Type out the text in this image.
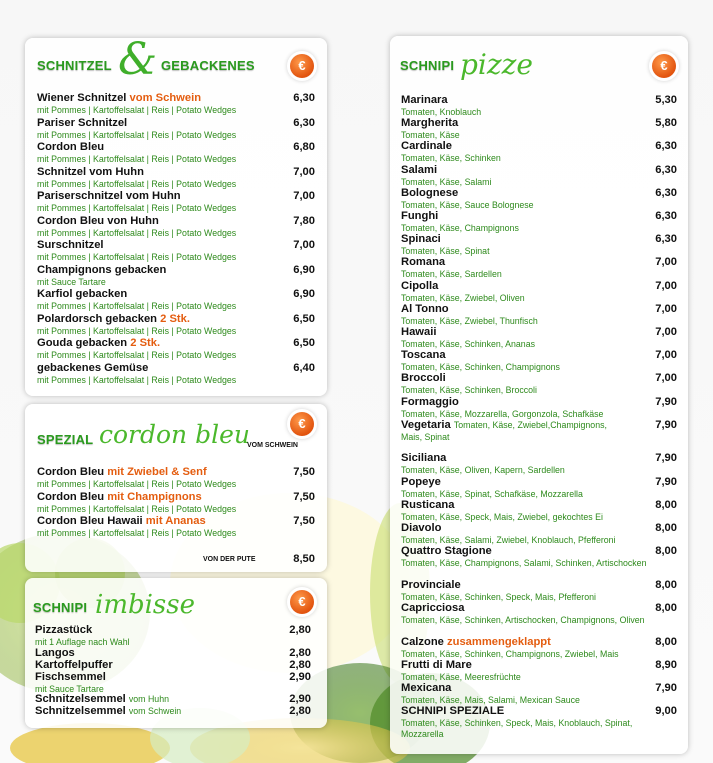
SCHNITZEL & GEBACKENES	€
Wiener Schnitzel vom Schwein	6,30
mit Pommes | Kartoffelsalat | Reis | Potato Wedges
Pariser Schnitzel	6,30
mit Pommes | Kartoffelsalat | Reis | Potato Wedges
Cordon Bleu	6,80
mit Pommes | Kartoffelsalat | Reis | Potato Wedges
Schnitzel vom Huhn	7,00
mit Pommes | Kartoffelsalat | Reis | Potato Wedges
Pariserschnitzel vom Huhn	7,00
mit Pommes | Kartoffelsalat | Reis | Potato Wedges
Cordon Bleu von Huhn	7,80
mit Pommes | Kartoffelsalat | Reis | Potato Wedges
Surschnitzel	7,00
mit Pommes | Kartoffelsalat | Reis | Potato Wedges
Champignons gebacken	6,90
mit Sauce Tartare
Karfiol gebacken	6,90
mit Pommes | Kartoffelsalat | Reis | Potato Wedges
Polardorsch gebacken 2 Stk.	6,50
mit Pommes | Kartoffelsalat | Reis | Potato Wedges
Gouda gebacken 2 Stk.	6,50
mit Pommes | Kartoffelsalat | Reis | Potato Wedges
gebackenes Gemüse	6,40
mit Pommes | Kartoffelsalat | Reis | Potato Wedges
SPEZIAL cordon bleu
VOM SCHWEIN
€
Cordon Bleu mit Zwiebel & Senf	7,50
mit Pommes | Kartoffelsalat | Reis | Potato Wedges
Cordon Bleu mit Champignons	7,50
mit Pommes | Kartoffelsalat | Reis | Potato Wedges
Cordon Bleu Hawaii mit Ananas	7,50
mit Pommes | Kartoffelsalat | Reis | Potato Wedges
VON DER PUTE	8,50
SCHNIPI imbisse	€
Pizzastück	2,80
mit 1 Auflage nach Wahl
Langos	2,80
Kartoffelpuffer	2,80
Fischsemmel	2,90
mit Sauce Tartare
Schnitzelsemmel vom Huhn	2,90
Schnitzelsemmel vom Schwein	2,80
SCHNIPI pizze	€
Marinara	5,30
Tomaten, Knoblauch
Margherita	5,80
Tomaten, Käse
Cardinale	6,30
Tomaten, Käse, Schinken
Salami	6,30
Tomaten, Käse, Salami
Bolognese	6,30
Tomaten, Käse, Sauce Bolognese
Funghi	6,30
Tomaten, Käse, Champignons
Spinaci	6,30
Tomaten, Käse, Spinat
Romana	7,00
Tomaten, Käse, Sardellen
Cipolla	7,00
Tomaten, Käse, Zwiebel, Oliven
Al Tonno	7,00
Tomaten, Käse, Zwiebel, Thunfisch
Hawaii	7,00
Tomaten, Käse, Schinken, Ananas
Toscana	7,00
Tomaten, Käse, Schinken, Champignons
Broccoli	7,00
Tomaten, Käse, Schinken, Broccoli
Formaggio	7,90
Tomaten, Käse, Mozzarella, Gorgonzola, Schafkäse
Vegetaria Tomaten, Käse, Zwiebel,Champignons,	7,90
Mais, Spinat
Siciliana	7,90
Tomaten, Käse, Oliven, Kapern, Sardellen
Popeye	7,90
Tomaten, Käse, Spinat, Schafkäse, Mozzarella
Rusticana	8,00
Tomaten, Käse, Speck, Mais, Zwiebel, gekochtes Ei
Diavolo	8,00
Tomaten, Käse, Salami, Zwiebel, Knoblauch, Pfefferoni
Quattro Stagione	8,00
Tomaten, Käse, Champignons, Salami, Schinken, Artischocken
Provinciale	8,00
Tomaten, Käse, Schinken, Speck, Mais, Pfefferoni
Capricciosa	8,00
Tomaten, Käse, Schinken, Artischocken, Champignons, Oliven
Calzone zusammengeklappt	8,00
Tomaten, Käse, Schinken, Champignons, Zwiebel, Mais
Frutti di Mare	8,90
Tomaten, Käse, Meeresfrüchte
Mexicana	7,90
Tomaten, Käse, Mais, Salami, Mexican Sauce
SCHNIPI SPEZIALE	9,00
Tomaten, Käse, Schinken, Speck, Mais, Knoblauch, Spinat, Mozzarella
